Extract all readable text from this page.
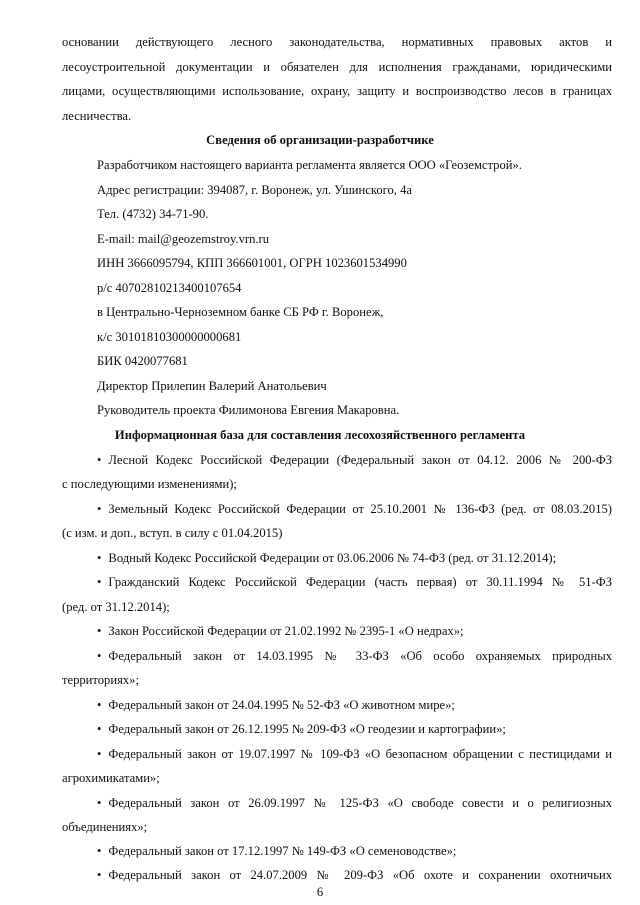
основании действующего лесного законодательства, нормативных правовых актов и
лесоустроительной документации и обязателен для исполнения гражданами, юридическими
лицами, осуществляющими использование, охрану, защиту и воспроизводство лесов в границах
лесничества.
Сведения об организации-разработчике
Разработчиком настоящего варианта регламента является ООО «Геоземстрой».
Адрес регистрации: 394087, г. Воронеж, ул. Ушинского, 4а
Тел. (4732) 34-71-90.
E-mail: mail@geozemstroy.vrn.ru
ИНН 3666095794, КПП 366601001, ОГРН 1023601534990
р/с 40702810213400107654
в Центрально-Черноземном банке СБ РФ г. Воронеж,
к/с 30101810300000000681
БИК 0420077681
Директор Прилепин Валерий Анатольевич
Руководитель проекта Филимонова Евгения Макаровна.
Информационная база для составления лесохозяйственного регламента
• Лесной Кодекс Российской Федерации (Федеральный закон от 04.12. 2006 № 200-ФЗ
с последующими изменениями);
• Земельный Кодекс Российской Федерации от 25.10.2001 № 136-ФЗ (ред. от 08.03.2015)
(с изм. и доп., вступ. в силу с 01.04.2015)
• Водный Кодекс Российской Федерации от 03.06.2006 № 74-ФЗ (ред. от 31.12.2014);
• Гражданский Кодекс Российской Федерации (часть первая) от 30.11.1994 № 51-ФЗ
(ред. от 31.12.2014);
• Закон Российской Федерации от 21.02.1992 № 2395-1 «О недрах»;
• Федеральный закон от 14.03.1995 № 33-ФЗ «Об особо охраняемых природных
территориях»;
• Федеральный закон от 24.04.1995 № 52-ФЗ «О животном мире»;
• Федеральный закон от 26.12.1995 № 209-ФЗ «О геодезии и картографии»;
• Федеральный закон от 19.07.1997 № 109-ФЗ «О безопасном обращении с пестицидами и
агрохимикатами»;
• Федеральный закон от 26.09.1997 № 125-ФЗ «О свободе совести и о религиозных
объединениях»;
• Федеральный закон от 17.12.1997 № 149-ФЗ «О семеноводстве»;
• Федеральный закон от 24.07.2009 № 209-ФЗ «Об охоте и сохранении охотничьих
6
